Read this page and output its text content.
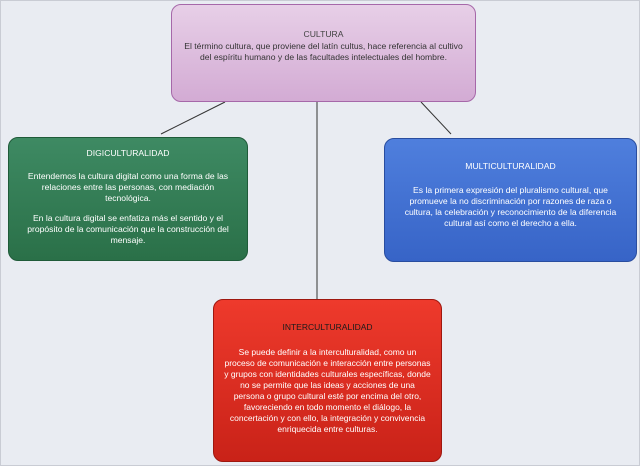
CULTURA

El término cultura, que proviene del latín cultus, hace referencia al cultivo del espíritu humano y de las facultades intelectuales del hombre.

DIGICULTURALIDAD

Entendemos la cultura digital como una forma de las relaciones entre las personas, con mediación tecnológica.

En la cultura digital se enfatiza más el sentido y el propósito de la comunicación que la construcción del mensaje.

MULTICULTURALIDAD

Es la primera expresión del pluralismo cultural, que promueve la no discriminación por razones de raza o cultura, la celebración y reconocimiento de la diferencia cultural así como el derecho a ella.

INTERCULTURALIDAD

Se puede definir a la interculturalidad, como un proceso de comunicación e interacción entre personas y grupos con identidades culturales específicas, donde no se permite que las ideas y acciones de una persona o grupo cultural esté por encima del otro, favoreciendo en todo momento el diálogo, la concertación y con ello, la integración y convivencia enriquecida entre culturas.
